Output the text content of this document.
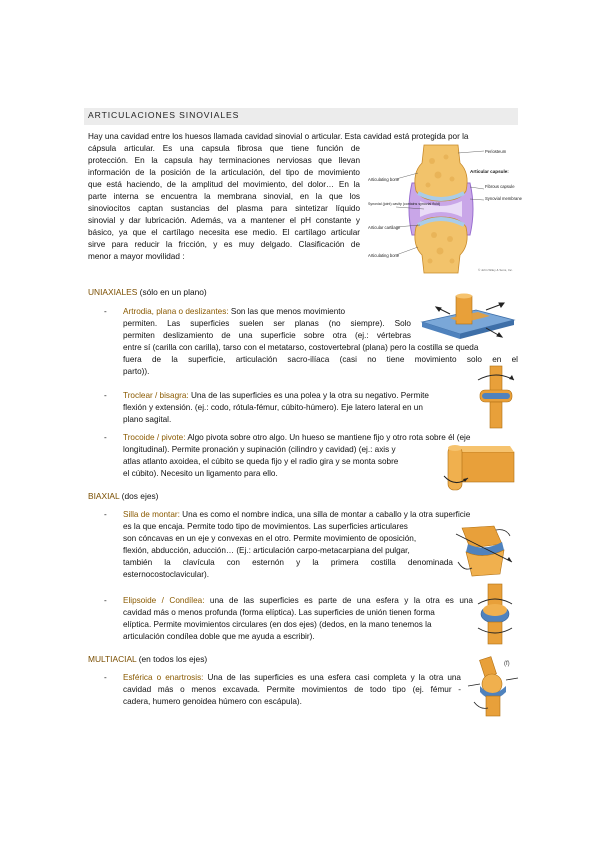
ARTICULACIONES SINOVIALES
Hay una cavidad entre los huesos llamada cavidad sinovial o articular. Esta cavidad está protegida por la
cápsula articular. Es una capsula fibrosa que tiene función de
protección. En la capsula hay terminaciones nerviosas que llevan
información de la posición de la articulación, del tipo de movimiento
que está haciendo, de la amplitud del movimiento, del dolor… En la
parte interna se encuentra la membrana sinovial, en la que los
sinoviocitos captan sustancias del plasma para sintetizar líquido
sinovial y dar lubricación. Además, va a mantener el pH constante y
básico, ya que el cartílago necesita ese medio. El cartílago articular
sirve para reducir la fricción, y es muy delgado. Clasificación de
menor a mayor movilidad :
Periosteum
Articular capsule:
Fibrous capsule
Synovial membrane
Articulating bone
Synovial (joint) cavity (contains synovial fluid)
Articular cartilage
Articulating bone
© John Wiley & Sons, Inc.
UNIAXIALES (sólo en un plano)
- Artrodia, plana o deslizantes: Son las que menos movimiento
permiten. Las superficies suelen ser planas (no siempre). Solo
permiten deslizamiento de una superficie sobre otra (ej.: vértebras
entre sí (carilla con carilla), tarso con el metatarso, costovertebral (plana) pero la costilla se queda
fuera de la superficie, articulación sacro-ilíaca (casi no tiene movimiento solo en el
parto)).
- Troclear / bisagra: Una de las superficies es una polea y la otra su negativo. Permite
flexión y extensión. (ej.: codo, rótula-fémur, cúbito-húmero). Eje latero lateral en un
plano sagital.
- Trocoide / pivote: Algo pivota sobre otro algo. Un hueso se mantiene fijo y otro rota sobre él (eje
longitudinal). Permite pronación y supinación (cilindro y cavidad) (ej.: axis y
atlas atlanto axoidea, el cúbito se queda fijo y el radio gira y se monta sobre
el cúbito). Necesito un ligamento para ello.
BIAXIAL (dos ejes)
- Silla de montar: Una es como el nombre indica, una silla de montar a caballo y la otra superficie
es la que encaja. Permite todo tipo de movimientos. Las superficies articulares
son cóncavas en un eje y convexas en el otro. Permite movimiento de oposición,
flexión, abducción, aducción… (Ej.: articulación carpo-metacarpiana del pulgar,
también la clavícula con esternón y la primera costilla denominada
esternocostoclavicular).
- Elipsoide / Condílea: una de las superficies es parte de una esfera y la otra es una
cavidad más o menos profunda (forma elíptica). Las superficies de unión tienen forma
elíptica. Permite movimientos circulares (en dos ejes) (dedos, en la mano tenemos la
articulación condílea doble que me ayuda a escribir).
MULTIACIAL (en todos los ejes)
- Esférica o enartrosis: Una de las superficies es una esfera casi completa y la otra una
cavidad más o menos excavada. Permite movimientos de todo tipo (ej. fémur -
cadera, humero genoidea húmero con escápula).
(f)
